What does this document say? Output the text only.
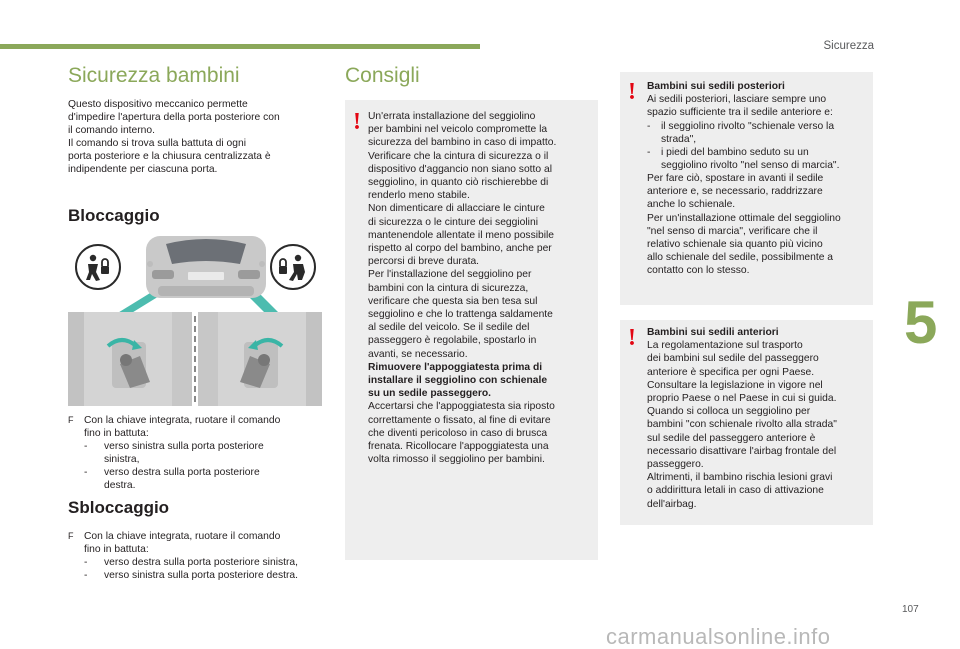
Sicurezza
5
Sicurezza bambini

Questo dispositivo meccanico permette

d'impedire l'apertura della porta posteriore con

il comando interno.

Il comando si trova sulla battuta di ogni

porta posteriore e la chiusura centralizzata è

indipendente per ciascuna porta.

Bloccaggio
F Con la chiave integrata, ruotare il comando
fino in battuta:
- verso sinistra sulla porta posteriore
sinistra,
- verso destra sulla porta posteriore
destra.
Sbloccaggio
F Con la chiave integrata, ruotare il comando
fino in battuta:
- verso destra sulla porta posteriore sinistra,
- verso sinistra sulla porta posteriore destra.
Consigli
! Un'errata installazione del seggiolino

per bambini nel veicolo compromette la

sicurezza del bambino in caso di impatto.

Verificare che la cintura di sicurezza o il

dispositivo d'aggancio non siano sotto al

seggiolino, in quanto ciò rischierebbe di

renderlo meno stabile.

Non dimenticare di allacciare le cinture

di sicurezza o le cinture dei seggiolini

mantenendole allentate il meno possibile

rispetto al corpo del bambino, anche per

percorsi di breve durata.

Per l'installazione del seggiolino per

bambini con la cintura di sicurezza,

verificare che questa sia ben tesa sul

seggiolino e che lo trattenga saldamente

al sedile del veicolo. Se il sedile del

passeggero è regolabile, spostarlo in

avanti, se necessario.

Rimuovere l'appoggiatesta prima di

installare il seggiolino con schienale

su un sedile passeggero.

Accertarsi che l'appoggiatesta sia riposto

correttamente o fissato, al fine di evitare

che diventi pericoloso in caso di brusca

frenata. Ricollocare l'appoggiatesta una

volta rimosso il seggiolino per bambini.

! Bambini sui sedili posteriori

Ai sedili posteriori, lasciare sempre uno

spazio sufficiente tra il sedile anteriore e:

- il seggiolino rivolto "schienale verso la
strada",
- i piedi del bambino seduto su un
seggiolino rivolto "nel senso di marcia".

Per fare ciò, spostare in avanti il sedile

anteriore e, se necessario, raddrizzare

anche lo schienale.

Per un'installazione ottimale del seggiolino

"nel senso di marcia", verificare che il

relativo schienale sia quanto più vicino

allo schienale del sedile, possibilmente a

contatto con lo stesso.

! Bambini sui sedili anteriori

La regolamentazione sul trasporto

dei bambini sul sedile del passeggero

anteriore è specifica per ogni Paese.

Consultare la legislazione in vigore nel

proprio Paese o nel Paese in cui si guida.

Quando si colloca un seggiolino per

bambini "con schienale rivolto alla strada"

sul sedile del passeggero anteriore è

necessario disattivare l'airbag frontale del

passeggero.

Altrimenti, il bambino rischia lesioni gravi

o addirittura letali in caso di attivazione

dell'airbag.

107
carmanualsonline.info
